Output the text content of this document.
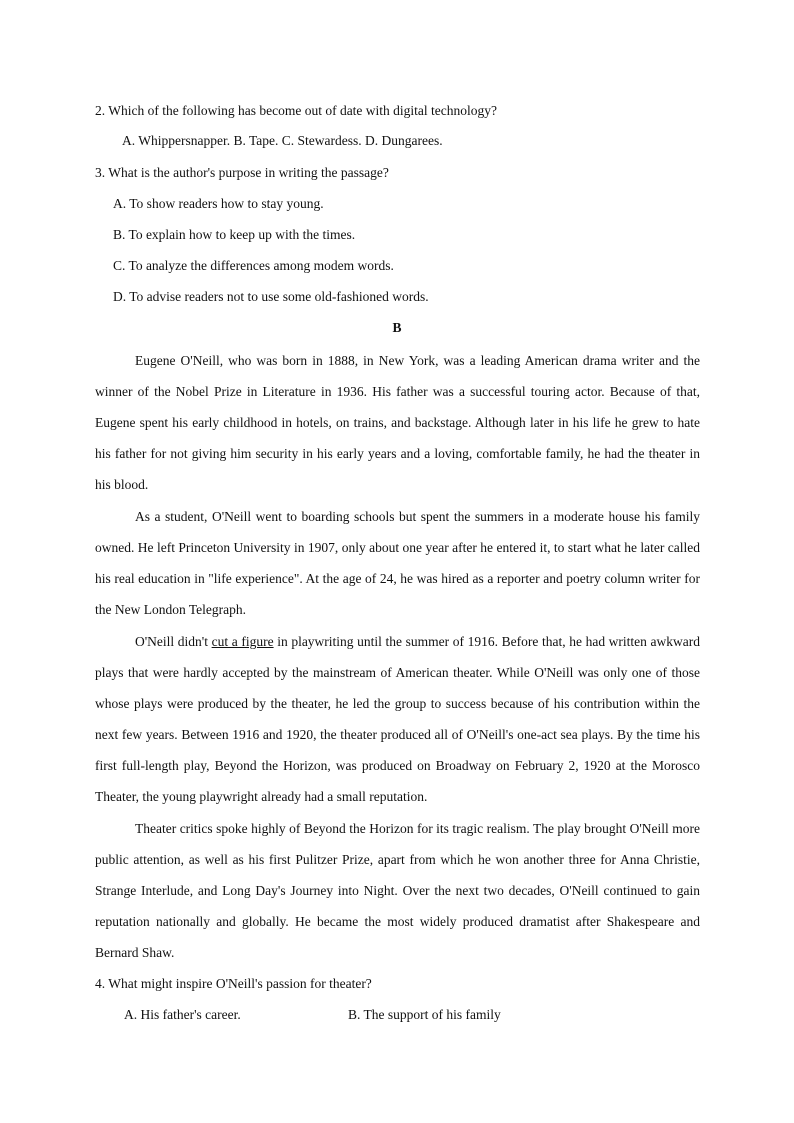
2. Which of the following has become out of date with digital technology?
A. Whippersnapper. B. Tape. C. Stewardess. D. Dungarees.
3. What is the author's purpose in writing the passage?
A. To show readers how to stay young.
B. To explain how to keep up with the times.
C. To analyze the differences among modem words.
D. To advise readers not to use some old-fashioned words.
B
Eugene O'Neill, who was born in 1888, in New York, was a leading American drama writer and the winner of the Nobel Prize in Literature in 1936. His father was a successful touring actor. Because of that, Eugene spent his early childhood in hotels, on trains, and backstage. Although later in his life he grew to hate his father for not giving him security in his early years and a loving, comfortable family, he had the theater in his blood.
As a student, O'Neill went to boarding schools but spent the summers in a moderate house his family owned. He left Princeton University in 1907, only about one year after he entered it, to start what he later called his real education in "life experience". At the age of 24, he was hired as a reporter and poetry column writer for the New London Telegraph.
O'Neill didn't cut a figure in playwriting until the summer of 1916. Before that, he had written awkward plays that were hardly accepted by the mainstream of American theater. While O'Neill was only one of those whose plays were produced by the theater, he led the group to success because of his contribution within the next few years. Between 1916 and 1920, the theater produced all of O'Neill's one-act sea plays. By the time his first full-length play, Beyond the Horizon, was produced on Broadway on February 2, 1920 at the Morosco Theater, the young playwright already had a small reputation.
Theater critics spoke highly of Beyond the Horizon for its tragic realism. The play brought O'Neill more public attention, as well as his first Pulitzer Prize, apart from which he won another three for Anna Christie, Strange Interlude, and Long Day's Journey into Night. Over the next two decades, O'Neill continued to gain reputation nationally and globally. He became the most widely produced dramatist after Shakespeare and Bernard Shaw.
4. What might inspire O'Neill's passion for theater?
A. His father's career.	B. The support of his family
